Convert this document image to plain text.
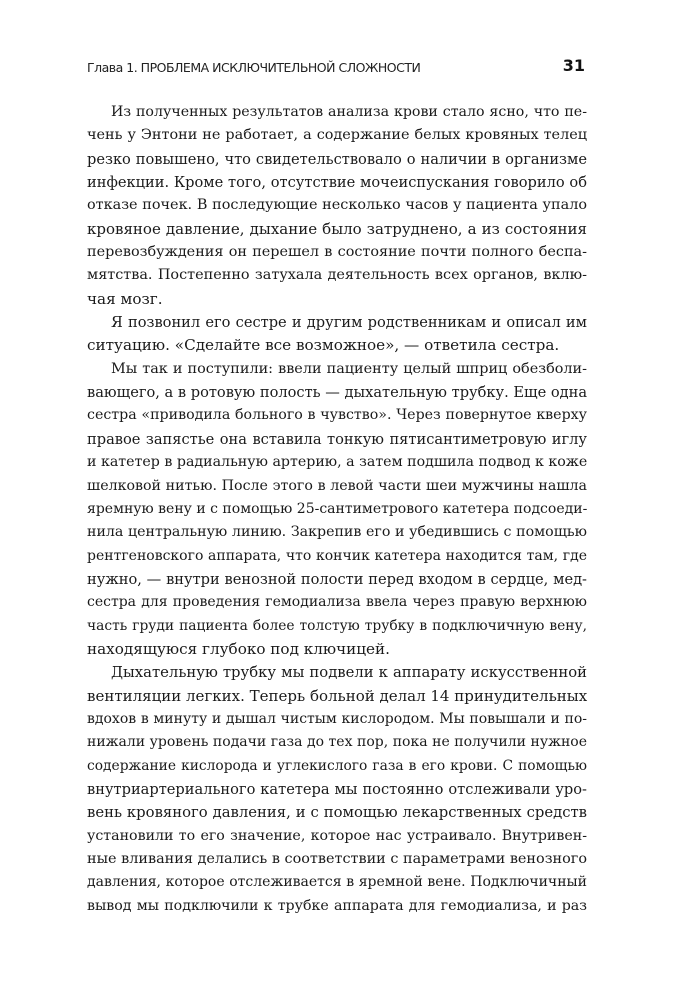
Глава 1. ПРОБЛЕМА ИСКЛЮЧИТЕЛЬНОЙ СЛОЖНОСТИ	31
Из полученных результатов анализа крови стало ясно, что пе-
чень у Энтони не работает, а содержание белых кровяных телец
резко повышено, что свидетельствовало о наличии в организме
инфекции. Кроме того, отсутствие мочеиспускания говорило об
отказе почек. В последующие несколько часов у пациента упало
кровяное давление, дыхание было затруднено, а из состояния
перевозбуждения он перешел в состояние почти полного беспа-
мятства. Постепенно затухала деятельность всех органов, вклю-
чая мозг.
Я позвонил его сестре и другим родственникам и описал им
ситуацию. «Сделайте все возможное», — ответила сестра.
Мы так и поступили: ввели пациенту целый шприц обезболи-
вающего, а в ротовую полость — дыхательную трубку. Еще одна
сестра «приводила больного в чувство». Через повернутое кверху
правое запястье она вставила тонкую пятисантиметровую иглу
и катетер в радиальную артерию, а затем подшила подвод к коже
шелковой нитью. После этого в левой части шеи мужчины нашла
яремную вену и с помощью 25-сантиметрового катетера подсоеди-
нила центральную линию. Закрепив его и убедившись с помощью
рентгеновского аппарата, что кончик катетера находится там, где
нужно, — внутри венозной полости перед входом в сердце, мед-
сестра для проведения гемодиализа ввела через правую верхнюю
часть груди пациента более толстую трубку в подключичную вену,
находящуюся глубоко под ключицей.
Дыхательную трубку мы подвели к аппарату искусственной
вентиляции легких. Теперь больной делал 14 принудительных
вдохов в минуту и дышал чистым кислородом. Мы повышали и по-
нижали уровень подачи газа до тех пор, пока не получили нужное
содержание кислорода и углекислого газа в его крови. С помощью
внутриартериального катетера мы постоянно отслеживали уро-
вень кровяного давления, и с помощью лекарственных средств
установили то его значение, которое нас устраивало. Внутривен-
ные вливания делались в соответствии с параметрами венозного
давления, которое отслеживается в яремной вене. Подключичный
вывод мы подключили к трубке аппарата для гемодиализа, и раз
